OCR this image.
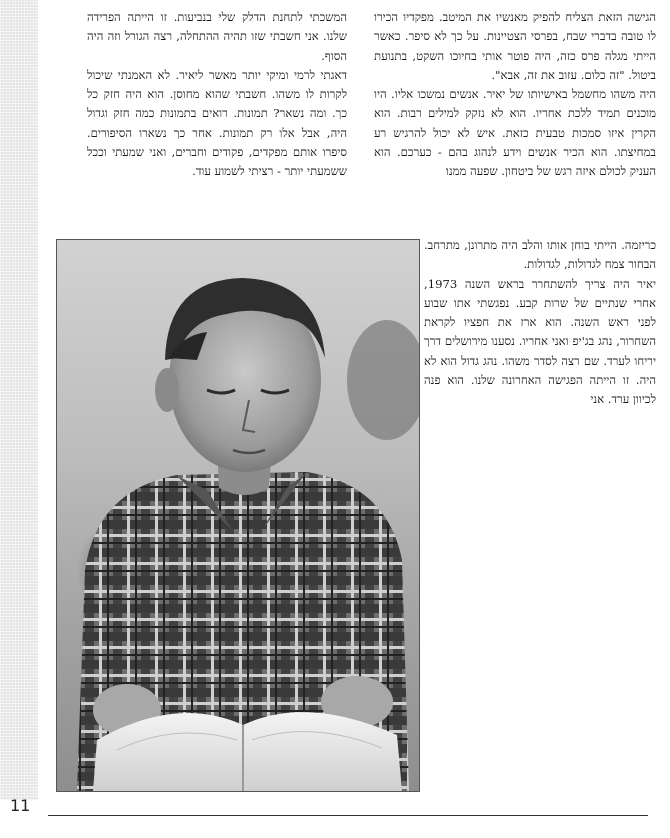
הגישה הזאת הצליח להפיק מאנשיו את המיטב. מפקדיו הכירו לו טובה בדברי שבח, בפרסי הצטיינות. על כך לא סיפר. כאשר הייתי מגלה פרס כזה, היה פוטר אותי בחיוכו השקט, בתנועת ביטול. "זה כלום. עזוב את זה, אבא".

היה משהו מחשמל באישיותו של יאיר. אנשים נמשכו אליו. היו מוכנים תמיד ללכת אחריו. הוא לא נזקק למילים רבות. הוא הקרין איזו סמכות טבעית כזאת. איש לא יכול להרגיש רע במחיצתו. הוא הכיר אנשים וידע לנהוג בהם - כערכם. הוא העניק לכולם איזה רגש של ביטחון. שפעה ממנו

המשכתי לתחנת הדלק שלי בנביעות. זו הייתה הפרידה שלנו. אני חשבתי שזו תהיה ההתחלה, רצה הגורל וזה היה הסוף.

דאגתי לרמי ומיקי יותר מאשר ליאיר. לא האמנתי שיכול לקרות לו משהו. חשבתי שהוא מחוסן. הוא היה חזק כל כך. ומה נשאר? תמונות. רואים בתמונות כמה חזק וגדול היה, אבל אלו רק תמונות. אחר כך נשארו הסיפורים. סיפרו אותם מפקדים, פקודים וחברים, ואני שמעתי וככל ששמעתי יותר - רציתי לשמוע עוד.

כריזמה. הייתי בוחן אותו והלב היה מתרונן, מתרחב. הבחור צמח לגדולות, לגדולות.

יאיר היה צריך להשתחרר בראש השנה 1973, אחרי שנתיים של שרות קבע. נפגשתי אתו שבוע לפני ראש השנה. הוא ארז את חפציו לקראת השחרור, נהג בג'יפ ואני אחריו. נסענו מירושלים דרך יריחו לערד. שם רצה לסדר משהו. נהג גדול הוא לא היה. זו הייתה הפגישה האחרונה שלנו. הוא פנה לכיוון ערד. אני

11
